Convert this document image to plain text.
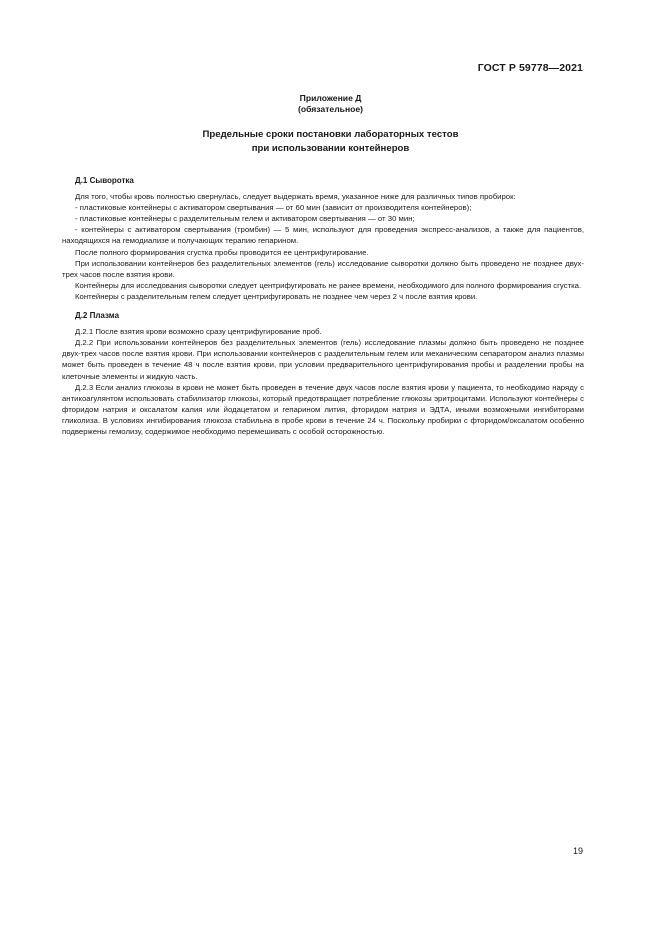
ГОСТ Р 59778—2021
Приложение Д
(обязательное)
Предельные сроки постановки лабораторных тестов
при использовании контейнеров
Д.1 Сыворотка

Для того, чтобы кровь полностью свернулась, следует выдержать время, указанное ниже для различных типов пробирок:

- пластиковые контейнеры с активатором свертывания — от 60 мин (зависит от производителя контейнеров);

- пластиковые контейнеры с разделительным гелем и активатором свертывания — от 30 мин;

- контейнеры с активатором свертывания (тромбин) — 5 мин, используют для проведения экспресс-анализов, а также для пациентов, находящихся на гемодиализе и получающих терапию гепарином.

После полного формирования сгустка пробы проводится ее центрифугирование.

При использовании контейнеров без разделительных элементов (гель) исследование сыворотки должно быть проведено не позднее двух-трех часов после взятия крови.

Контейнеры для исследования сыворотки следует центрифугировать не ранее времени, необходимого для полного формирования сгустка.

Контейнеры с разделительным гелем следует центрифугировать не позднее чем через 2 ч после взятия крови.

Д.2 Плазма

Д.2.1 После взятия крови возможно сразу центрифугирование проб.

Д.2.2 При использовании контейнеров без разделительных элементов (гель) исследование плазмы должно быть проведено не позднее двух-трех часов после взятия крови. При использовании контейнеров с разделительным гелем или механическим сепаратором анализ плазмы может быть проведен в течение 48 ч после взятия крови, при условии предварительного центрифугирования пробы и разделении пробы на клеточные элементы и жидкую часть.

Д.2.3 Если анализ глюкозы в крови не может быть проведен в течение двух часов после взятия крови у пациента, то необходимо наряду с антикоагулянтом использовать стабилизатор глюкозы, который предотвращает потребление глюкозы эритроцитами. Используют контейнеры с фторидом натрия и оксалатом калия или йодацетатом и гепарином лития, фторидом натрия и ЭДТА, иными возможными ингибиторами гликолиза. В условиях ингибирования глюкоза стабильна в пробе крови в течение 24 ч. Поскольку пробирки с фторидом/оксалатом особенно подвержены гемолизу, содержимое необходимо перемешивать с особой осторожностью.

19
